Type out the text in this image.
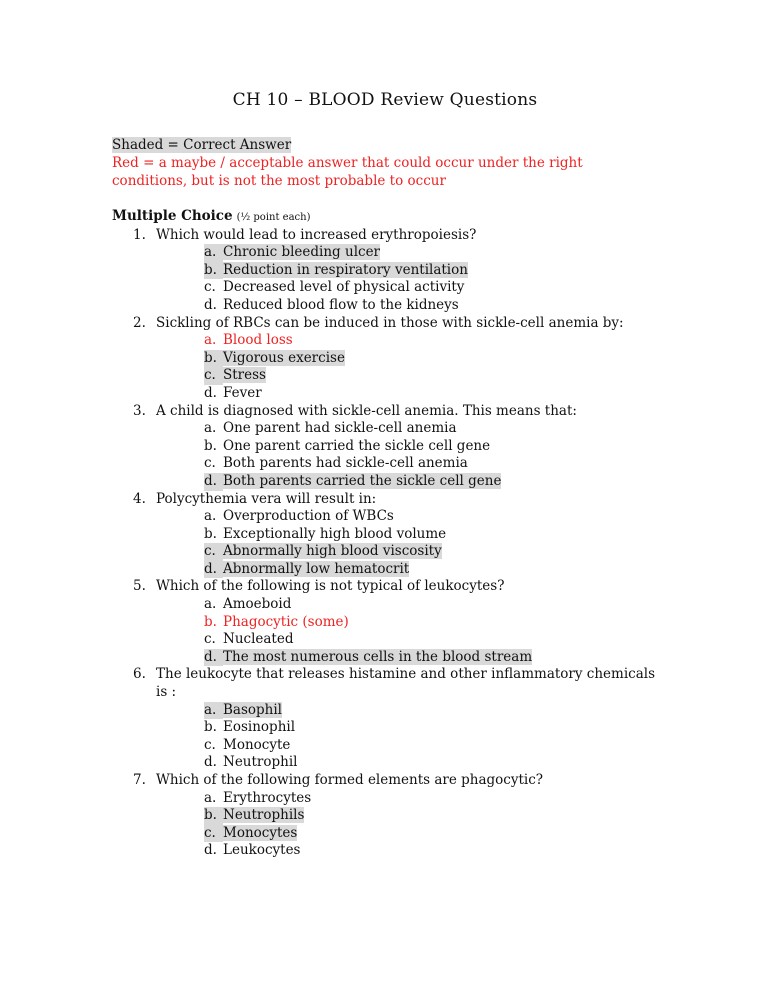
CH 10 – BLOOD Review Questions
Shaded = Correct Answer
Red = a maybe / acceptable answer that could occur under the right conditions, but is not the most probable to occur

Multiple Choice (½ point each)

1. Which would lead to increased erythropoiesis?
a. Chronic bleeding ulcer
b. Reduction in respiratory ventilation
c. Decreased level of physical activity
d. Reduced blood flow to the kidneys
2. Sickling of RBCs can be induced in those with sickle-cell anemia by:
a. Blood loss
b. Vigorous exercise
c. Stress
d. Fever
3. A child is diagnosed with sickle-cell anemia. This means that:
a. One parent had sickle-cell anemia
b. One parent carried the sickle cell gene
c. Both parents had sickle-cell anemia
d. Both parents carried the sickle cell gene
4. Polycythemia vera will result in:
a. Overproduction of WBCs
b. Exceptionally high blood volume
c. Abnormally high blood viscosity
d. Abnormally low hematocrit
5. Which of the following is not typical of leukocytes?
a. Amoeboid
b. Phagocytic (some)
c. Nucleated
d. The most numerous cells in the blood stream
6. The leukocyte that releases histamine and other inflammatory chemicals is :
a. Basophil
b. Eosinophil
c. Monocyte
d. Neutrophil
7. Which of the following formed elements are phagocytic?
a. Erythrocytes
b. Neutrophils
c. Monocytes
d. Leukocytes
